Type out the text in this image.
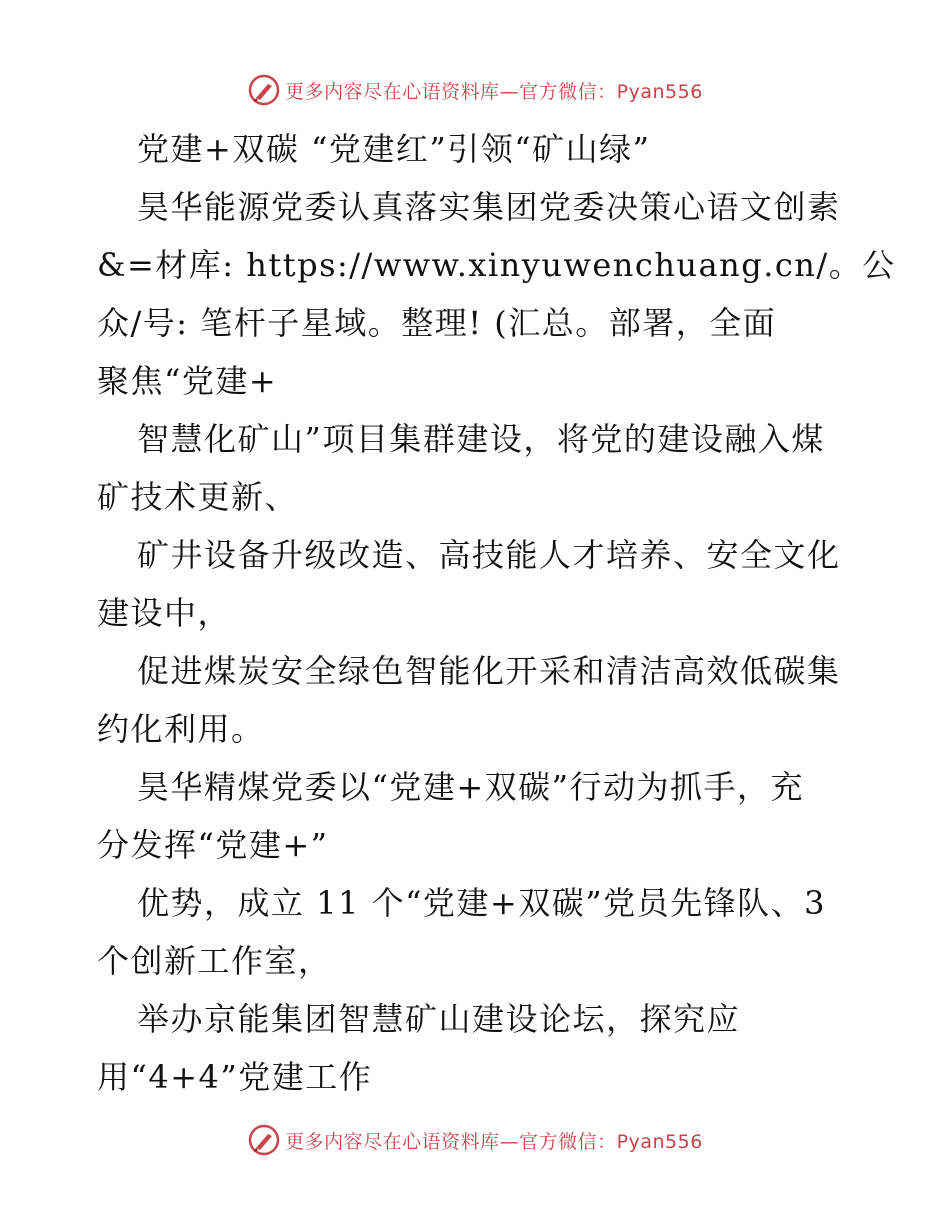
更多内容尽在心语资料库—官方微信：Pyan556
党建+双碳 “党建红”引领“矿山绿”
昊华能源党委认真落实集团党委决策心语文创素
&=材库: https://www.xinyuwenchuang.cn/。公
众/号: 笔杆子星域。整理! (汇总。部署，全面
聚焦“党建+
智慧化矿山”项目集群建设，将党的建设融入煤
矿技术更新、
矿井设备升级改造、高技能人才培养、安全文化
建设中，
促进煤炭安全绿色智能化开采和清洁高效低碳集
约化利用。
昊华精煤党委以“党建+双碳”行动为抓手，充
分发挥“党建+”
优势，成立 11 个“党建+双碳”党员先锋队、3
个创新工作室，
举办京能集团智慧矿山建设论坛，探究应
用“4+4”党建工作
更多内容尽在心语资料库—官方微信：Pyan556
